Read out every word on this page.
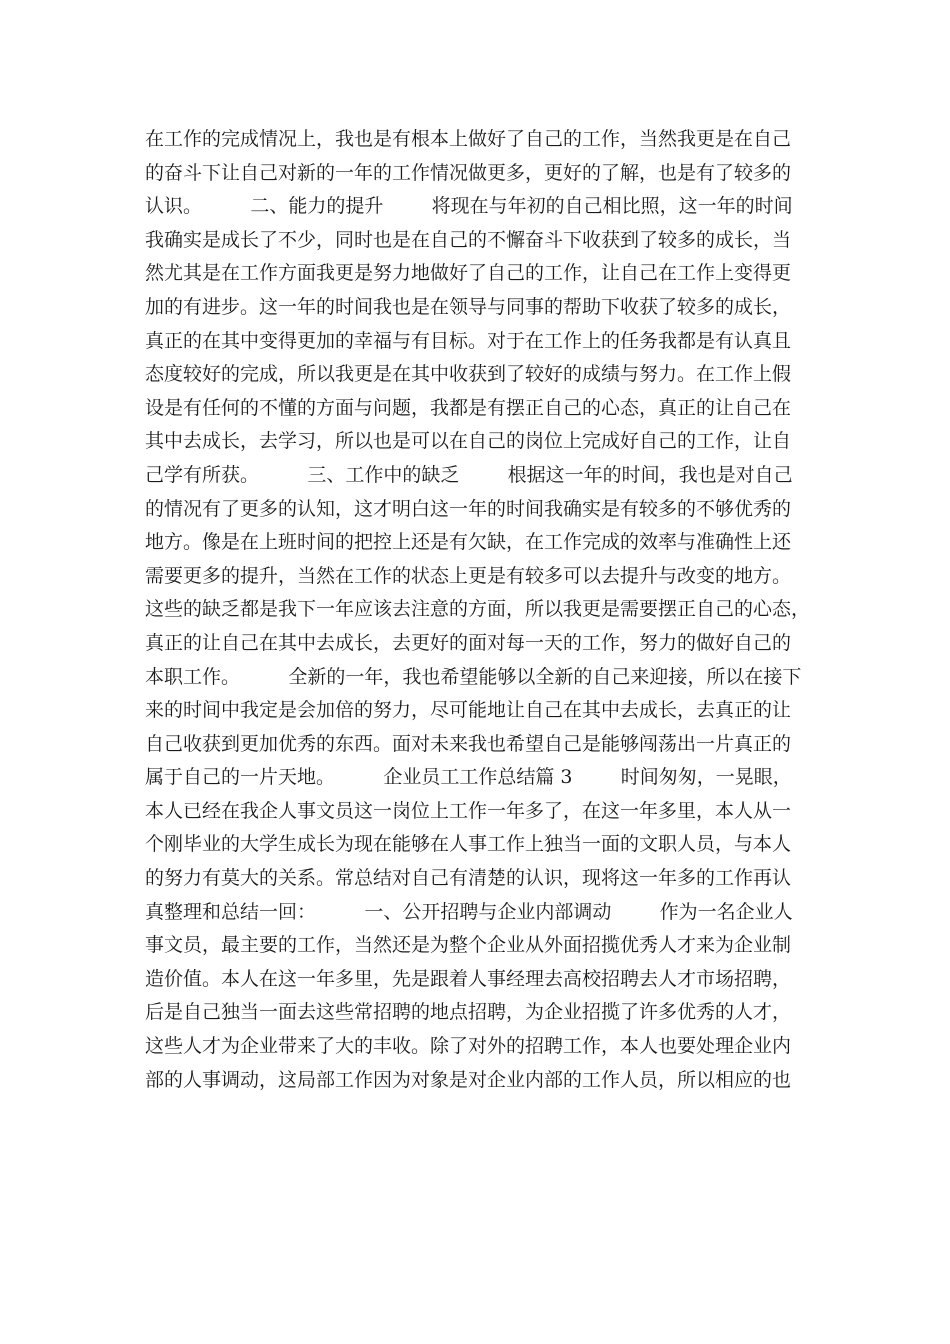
在工作的完成情况上，我也是有根本上做好了自己的工作，当然我更是在自己
的奋斗下让自己对新的一年的工作情况做更多，更好的了解，也是有了较多的
认识。        二、能力的提升        将现在与年初的自己相比照，这一年的时间
我确实是成长了不少，同时也是在自己的不懈奋斗下收获到了较多的成长，当
然尤其是在工作方面我更是努力地做好了自己的工作，让自己在工作上变得更
加的有进步。这一年的时间我也是在领导与同事的帮助下收获了较多的成长，
真正的在其中变得更加的幸福与有目标。对于在工作上的任务我都是有认真且
态度较好的完成，所以我更是在其中收获到了较好的成绩与努力。在工作上假
设是有任何的不懂的方面与问题，我都是有摆正自己的心态，真正的让自己在
其中去成长，去学习，所以也是可以在自己的岗位上完成好自己的工作，让自
己学有所获。        三、工作中的缺乏        根据这一年的时间，我也是对自己
的情况有了更多的认知，这才明白这一年的时间我确实是有较多的不够优秀的
地方。像是在上班时间的把控上还是有欠缺，在工作完成的效率与准确性上还
需要更多的提升，当然在工作的状态上更是有较多可以去提升与改变的地方。
这些的缺乏都是我下一年应该去注意的方面，所以我更是需要摆正自己的心态，
真正的让自己在其中去成长，去更好的面对每一天的工作，努力的做好自己的
本职工作。        全新的一年，我也希望能够以全新的自己来迎接，所以在接下
来的时间中我定是会加倍的努力，尽可能地让自己在其中去成长，去真正的让
自己收获到更加优秀的东西。面对未来我也希望自己是能够闯荡出一片真正的
属于自己的一片天地。        企业员工工作总结篇 3        时间匆匆，一晃眼，
本人已经在我企人事文员这一岗位上工作一年多了，在这一年多里，本人从一
个刚毕业的大学生成长为现在能够在人事工作上独当一面的文职人员，与本人
的努力有莫大的关系。常总结对自己有清楚的认识，现将这一年多的工作再认
真整理和总结一回：        一、公开招聘与企业内部调动        作为一名企业人
事文员，最主要的工作，当然还是为整个企业从外面招揽优秀人才来为企业制
造价值。本人在这一年多里，先是跟着人事经理去高校招聘去人才市场招聘，
后是自己独当一面去这些常招聘的地点招聘，为企业招揽了许多优秀的人才，
这些人才为企业带来了大的丰收。除了对外的招聘工作，本人也要处理企业内
部的人事调动，这局部工作因为对象是对企业内部的工作人员，所以相应的也
